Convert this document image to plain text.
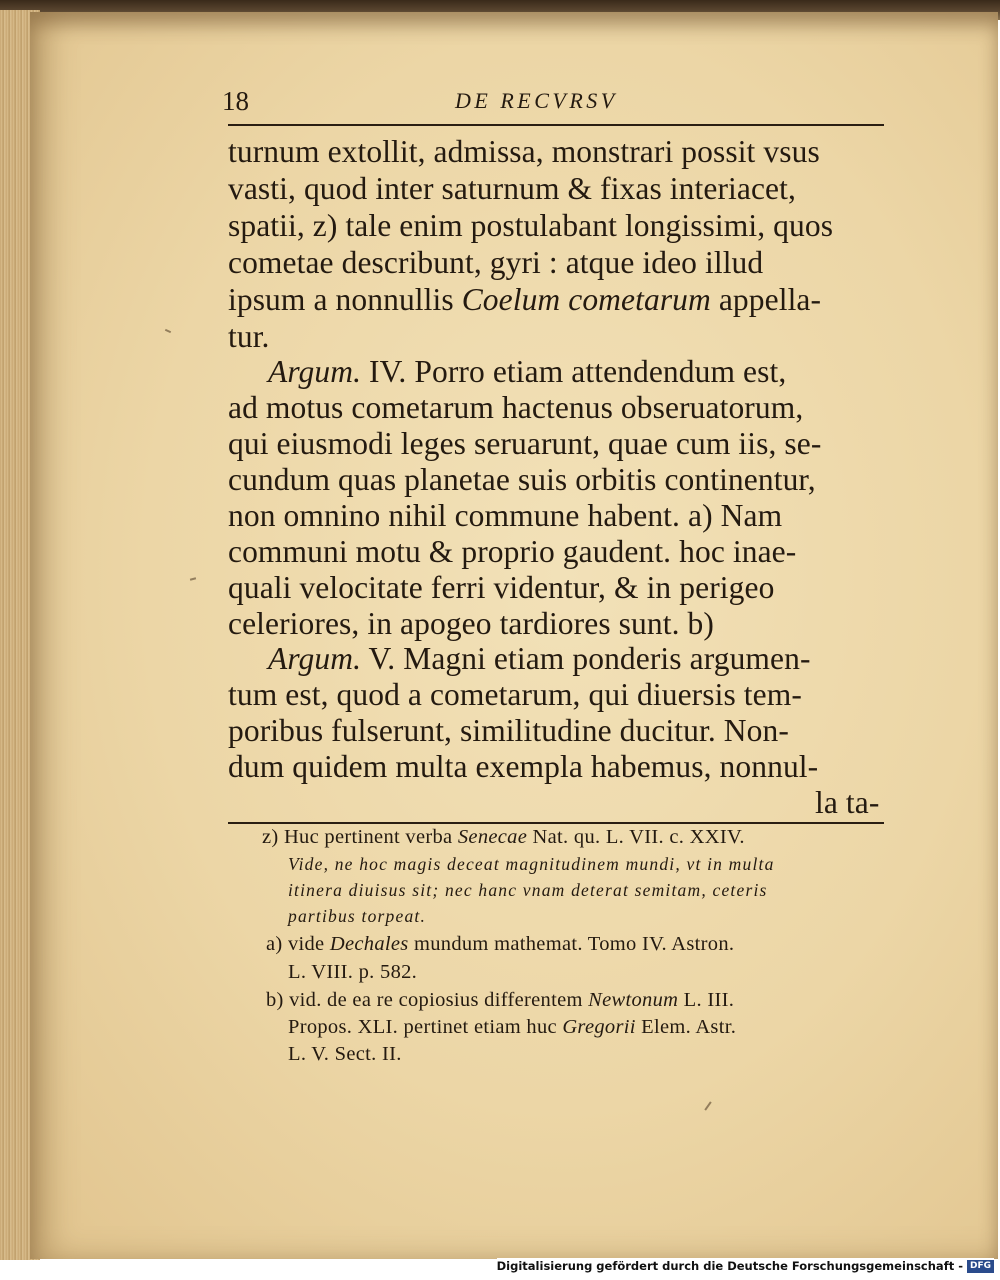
18	DE RECVRSV
turnum extollit, admissa, monstrari possit vsus
vasti, quod inter saturnum & fixas interiacet,
spatii, z) tale enim postulabant longissimi, quos
cometae describunt, gyri : atque ideo illud
ipsum a nonnullis Coelum cometarum appella-
tur.
Argum. IV. Porro etiam attendendum est,
ad motus cometarum hactenus obseruatorum,
qui eiusmodi leges seruarunt, quae cum iis, se-
cundum quas planetae suis orbitis continentur,
non omnino nihil commune habent. a) Nam
communi motu & proprio gaudent. hoc inae-
quali velocitate ferri videntur, & in perigeo
celeriores, in apogeo tardiores sunt. b)
Argum. V. Magni etiam ponderis argumen-
tum est, quod a cometarum, qui diuersis tem-
poribus fulserunt, similitudine ducitur. Non-
dum quidem multa exempla habemus, nonnul-
la ta-
z) Huc pertinent verba Senecae Nat. qu. L. VII. c. XXIV.
Vide, ne hoc magis deceat magnitudinem mundi, vt in multa
itinera diuisus sit; nec hanc vnam deterat semitam, ceteris
partibus torpeat.
a) vide Dechales mundum mathemat. Tomo IV. Astron.
L. VIII. p. 582.
b) vid. de ea re copiosius differentem Newtonum L. III.
Propos. XLI. pertinet etiam huc Gregorii Elem. Astr.
L. V. Sect. II.
Digitalisierung gefördert durch die Deutsche Forschungsgemeinschaft - DFG
